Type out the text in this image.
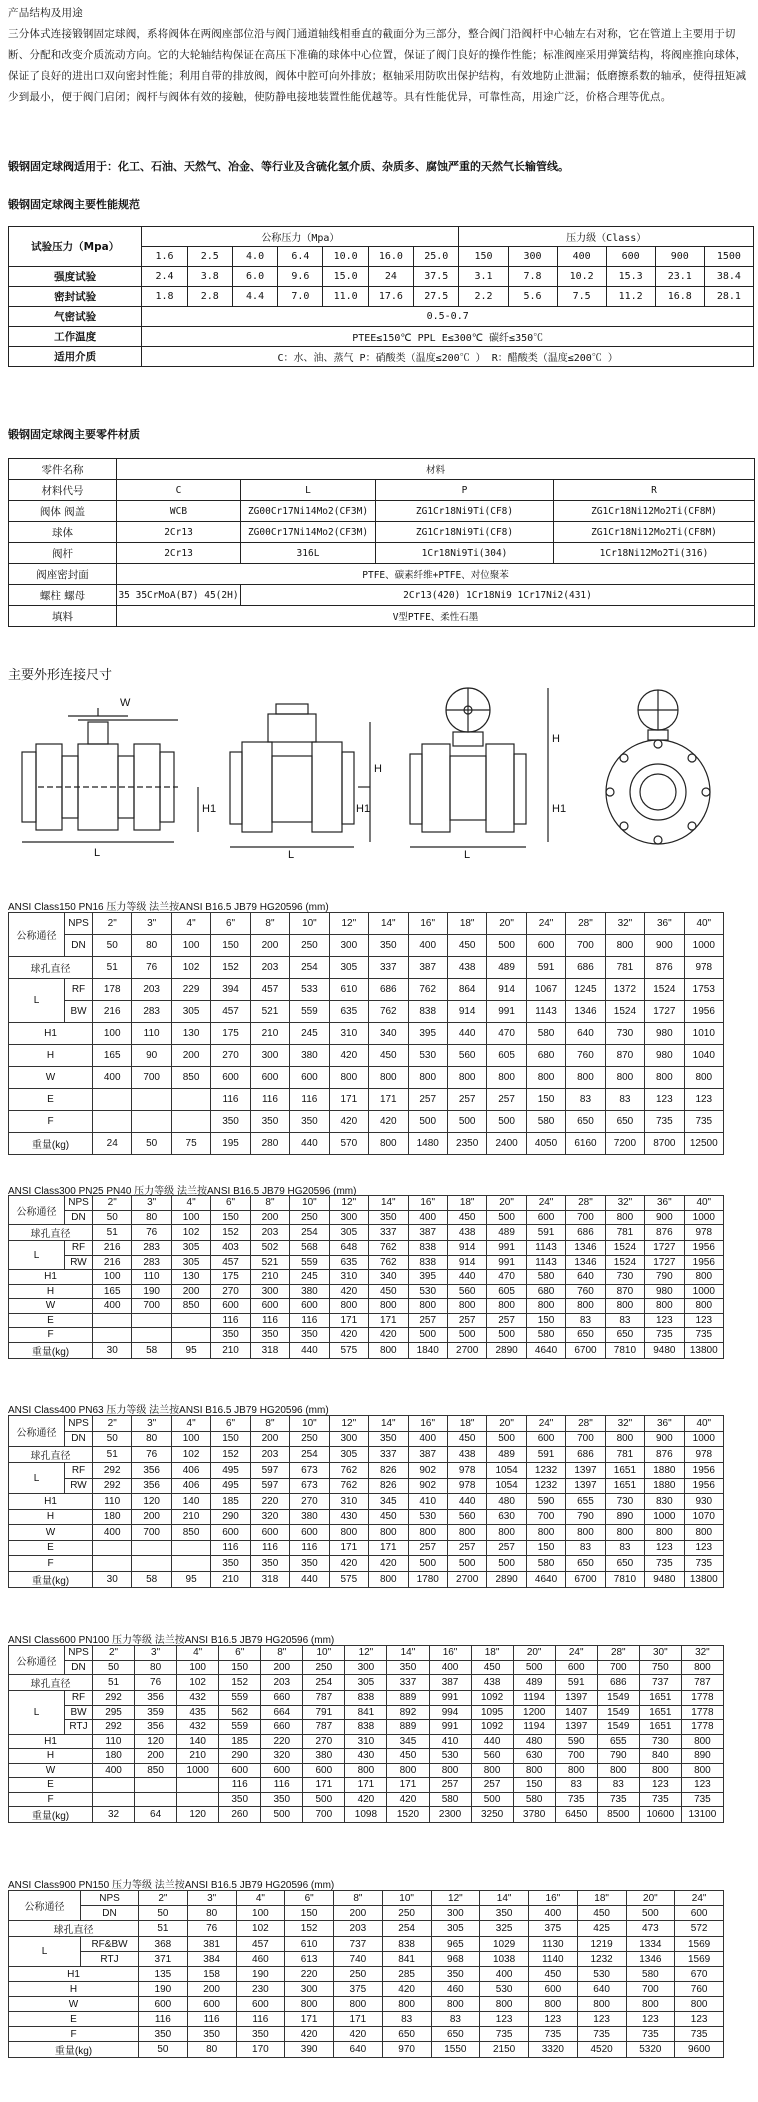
产品结构及用途
三分体式连接锻钢固定球阀，系将阀体在两阀座部位沿与阀门通道轴线相垂直的截面分为三部分，整合阀门沿阀杆中心轴左右对称，它在管道上主要用于切断、分配和改变介质流动方向。它的大轮轴结构保证在高压下准确的球体中心位置，保证了阀门良好的操作性能；标准阀座采用弹簧结构，将阀座推向球体，保证了良好的进出口双向密封性能；利用自带的排放阀，阀体中腔可向外排放；枢轴采用防吹出保护结构，有效地防止泄漏；低磨擦系数的轴承，使得扭矩减少到最小，便于阀门启闭；阀杆与阀体有效的接触，使防静电接地装置性能优越等。具有性能优异，可靠性高，用途广泛，价格合理等优点。
锻钢固定球阀适用于：化工、石油、天然气、冶金、等行业及含硫化氢介质、杂质多、腐蚀严重的天然气长输管线。
锻钢固定球阀主要性能规范
试验压力（Mpa）	公称压力（Mpa）							压力级（Class）					
	1.6	2.5	4.0	6.4	10.0	16.0	25.0	150	300	400	600	900	1500
强度试验	2.4	3.8	6.0	9.6	15.0	24	37.5	3.1	7.8	10.2	15.3	23.1	38.4
密封试验	1.8	2.8	4.4	7.0	11.0	17.6	27.5	2.2	5.6	7.5	11.2	16.8	28.1
气密试验	0.5-0.7												
工作温度	PTEE≤150℃ PPL E≤300℃ 碳纤≤350℃												
适用介质	C：水、油、蒸气 P：硝酸类（温度≤200℃ ） R：醋酸类（温度≤200℃ ）												
锻钢固定球阀主要零件材质
零件名称	材料			
材料代号	C	L	P	R
阀体 阀盖	WCB	ZG00Cr17Ni14Mo2(CF3M)	ZG1Cr18Ni9Ti(CF8)	ZG1Cr18Ni12Mo2Ti(CF8M)
球体	2Cr13	ZG00Cr17Ni14Mo2(CF3M)	ZG1Cr18Ni9Ti(CF8)	ZG1Cr18Ni12Mo2Ti(CF8M)
阀杆	2Cr13	316L	1Cr18Ni9Ti(304)	1Cr18Ni12Mo2Ti(316)
阀座密封面	PTFE、碳素纤维+PTFE、对位聚苯			
螺柱 螺母	35 35CrMoA(B7) 45(2H)	2Cr13(420) 1Cr18Ni9 1Cr17Ni2(431)		
填料	V型PTFE、柔性石墨			
主要外形连接尺寸
W
H1
L
H
H1
L
H
H1
L
ANSI Class150 PN16 压力等级 法兰按ANSI B16.5 JB79 HG20596 (mm)
公称通径	NPS	2"	3"	4"	6"	8"	10"	12"	14"	16"	18"	20"	24"	28"	32"	36"	40"
	DN	50	80	100	150	200	250	300	350	400	450	500	600	700	800	900	1000
球孔直径		51	76	102	152	203	254	305	337	387	438	489	591	686	781	876	978
L	RF	178	203	229	394	457	533	610	686	762	864	914	1067	1245	1372	1524	1753
	BW	216	283	305	457	521	559	635	762	838	914	991	1143	1346	1524	1727	1956
H1		100	110	130	175	210	245	310	340	395	440	470	580	640	730	980	1010
H		165	90	200	270	300	380	420	450	530	560	605	680	760	870	980	1040
W		400	700	850	600	600	600	800	800	800	800	800	800	800	800	800	800
E					116	116	116	171	171	257	257	257	150	83	83	123	123
F					350	350	350	420	420	500	500	500	580	650	650	735	735
重量(kg)		24	50	75	195	280	440	570	800	1480	2350	2400	4050	6160	7200	8700	12500
ANSI Class300 PN25 PN40 压力等级 法兰按ANSI B16.5 JB79 HG20596 (mm)
公称通径	NPS	2"	3"	4"	6"	8"	10"	12"	14"	16"	18"	20"	24"	28"	32"	36"	40"
	DN	50	80	100	150	200	250	300	350	400	450	500	600	700	800	900	1000
球孔直径		51	76	102	152	203	254	305	337	387	438	489	591	686	781	876	978
L	RF	216	283	305	403	502	568	648	762	838	914	991	1143	1346	1524	1727	1956
	RW	216	283	305	457	521	559	635	762	838	914	991	1143	1346	1524	1727	1956
H1		100	110	130	175	210	245	310	340	395	440	470	580	640	730	790	800
H		165	190	200	270	300	380	420	450	530	560	605	680	760	870	980	1000
W		400	700	850	600	600	600	800	800	800	800	800	800	800	800	800	800
E					116	116	116	171	171	257	257	257	150	83	83	123	123
F					350	350	350	420	420	500	500	500	580	650	650	735	735
重量(kg)		30	58	95	210	318	440	575	800	1840	2700	2890	4640	6700	7810	9480	13800
ANSI Class400 PN63 压力等级 法兰按ANSI B16.5 JB79 HG20596 (mm)
公称通径	NPS	2"	3"	4"	6"	8"	10"	12"	14"	16"	18"	20"	24"	28"	32"	36"	40"
	DN	50	80	100	150	200	250	300	350	400	450	500	600	700	800	900	1000
球孔直径		51	76	102	152	203	254	305	337	387	438	489	591	686	781	876	978
L	RF	292	356	406	495	597	673	762	826	902	978	1054	1232	1397	1651	1880	1956
	RW	292	356	406	495	597	673	762	826	902	978	1054	1232	1397	1651	1880	1956
H1		110	120	140	185	220	270	310	345	410	440	480	590	655	730	830	930
H		180	200	210	290	320	380	430	450	530	560	630	700	790	890	1000	1070
W		400	700	850	600	600	600	800	800	800	800	800	800	800	800	800	800
E					116	116	116	171	171	257	257	257	150	83	83	123	123
F					350	350	350	420	420	500	500	500	580	650	650	735	735
重量(kg)		30	58	95	210	318	440	575	800	1780	2700	2890	4640	6700	7810	9480	13800
ANSI Class600 PN100 压力等级 法兰按ANSI B16.5 JB79 HG20596 (mm)
公称通径	NPS	2"	3"	4"	6"	8"	10"	12"	14"	16"	18"	20"	24"	28"	30"	32"
	DN	50	80	100	150	200	250	300	350	400	450	500	600	700	750	800
球孔直径		51	76	102	152	203	254	305	337	387	438	489	591	686	737	787
L	RF	292	356	432	559	660	787	838	889	991	1092	1194	1397	1549	1651	1778
	BW	295	359	435	562	664	791	841	892	994	1095	1200	1407	1549	1651	1778
	RTJ	292	356	432	559	660	787	838	889	991	1092	1194	1397	1549	1651	1778
H1		110	120	140	185	220	270	310	345	410	440	480	590	655	730	800
H		180	200	210	290	320	380	430	450	530	560	630	700	790	840	890
W		400	850	1000	600	600	600	800	800	800	800	800	800	800	800	800
E					116	116	171	171	171	257	257	150	83	83	123	123
F					350	350	500	420	420	580	500	580	735	735	735	735
重量(kg)		32	64	120	260	500	700	1098	1520	2300	3250	3780	6450	8500	10600	13100
ANSI Class900 PN150 压力等级 法兰按ANSI B16.5 JB79 HG20596 (mm)
公称通径	NPS	2"	3"	4"	6"	8"	10"	12"	14"	16"	18"	20"	24"
	DN	50	80	100	150	200	250	300	350	400	450	500	600
球孔直径		51	76	102	152	203	254	305	325	375	425	473	572
L	RF&BW	368	381	457	610	737	838	965	1029	1130	1219	1334	1569
	RTJ	371	384	460	613	740	841	968	1038	1140	1232	1346	1569
H1		135	158	190	220	250	285	350	400	450	530	580	670
H		190	200	230	300	375	420	460	530	600	640	700	760
W		600	600	600	800	800	800	800	800	800	800	800	800
E		116	116	116	171	171	83	83	123	123	123	123	123
F		350	350	350	420	420	650	650	735	735	735	735	735
重量(kg)		50	80	170	390	640	970	1550	2150	3320	4520	5320	9600
